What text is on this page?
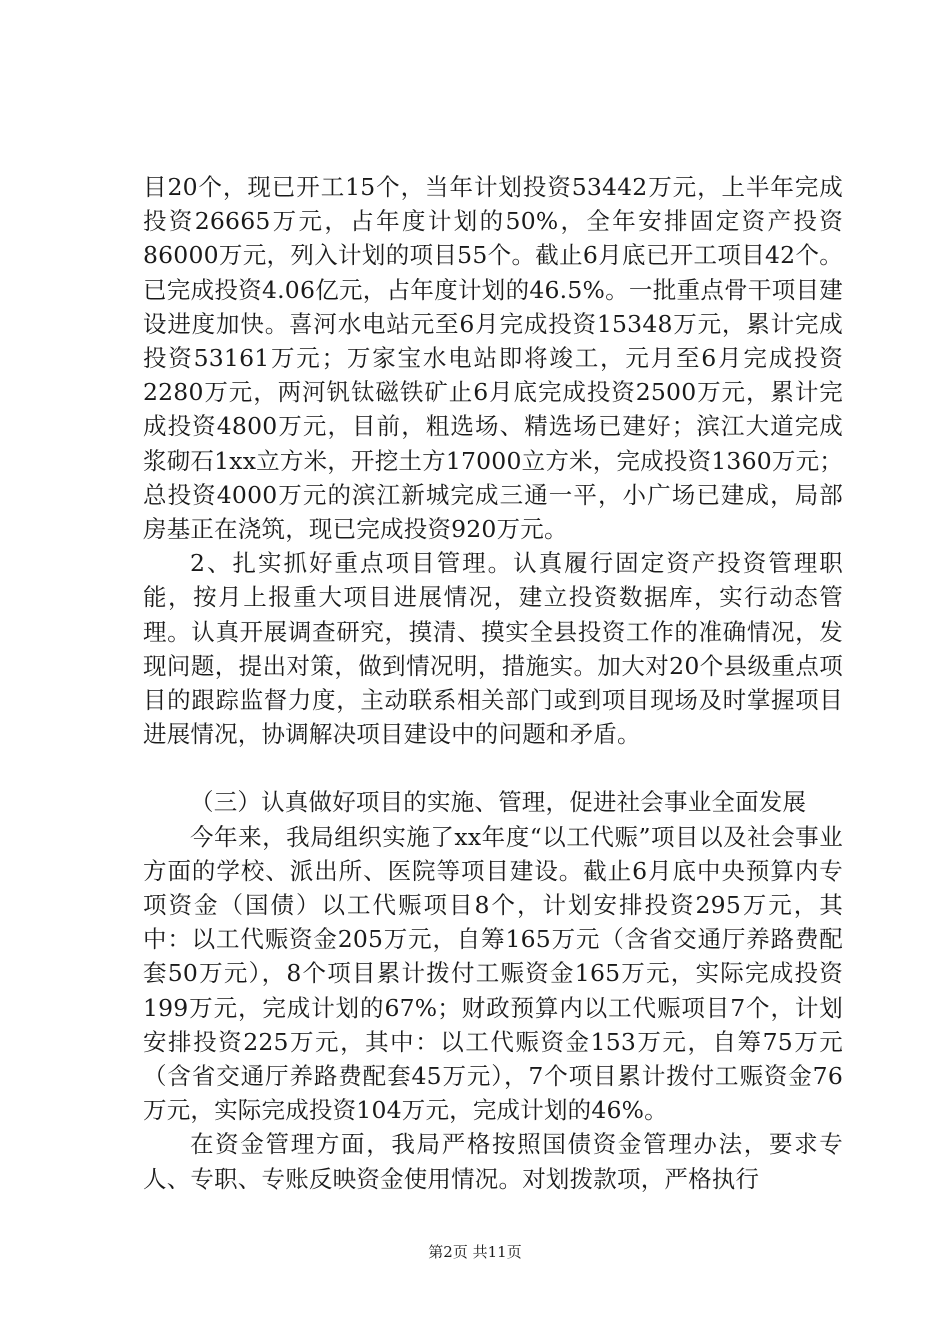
目20个，现已开工15个，当年计划投资53442万元，上半年完成投资26665万元，占年度计划的50%，全年安排固定资产投资86000万元，列入计划的项目55个。截止6月底已开工项目42个。已完成投资4.06亿元，占年度计划的46.5%。一批重点骨干项目建设进度加快。喜河水电站元至6月完成投资15348万元，累计完成投资53161万元；万家宝水电站即将竣工，元月至6月完成投资2280万元，两河钒钛磁铁矿止6月底完成投资2500万元，累计完成投资4800万元，目前，粗选场、精选场已建好；滨江大道完成浆砌石1xx立方米，开挖土方17000立方米，完成投资1360万元；总投资4000万元的滨江新城完成三通一平，小广场已建成，局部房基正在浇筑，现已完成投资920万元。

2、扎实抓好重点项目管理。认真履行固定资产投资管理职能，按月上报重大项目进展情况，建立投资数据库，实行动态管理。认真开展调查研究，摸清、摸实全县投资工作的准确情况，发现问题，提出对策，做到情况明，措施实。加大对20个县级重点项目的跟踪监督力度，主动联系相关部门或到项目现场及时掌握项目进展情况，协调解决项目建设中的问题和矛盾。

（三）认真做好项目的实施、管理，促进社会事业全面发展

今年来，我局组织实施了xx年度“以工代赈”项目以及社会事业方面的学校、派出所、医院等项目建设。截止6月底中央预算内专项资金（国债）以工代赈项目8个，计划安排投资295万元，其中：以工代赈资金205万元，自筹165万元（含省交通厅养路费配套50万元），8个项目累计拨付工赈资金165万元，实际完成投资199万元，完成计划的67%；财政预算内以工代赈项目7个，计划安排投资225万元，其中：以工代赈资金153万元，自筹75万元（含省交通厅养路费配套45万元），7个项目累计拨付工赈资金76万元，实际完成投资104万元，完成计划的46%。

在资金管理方面，我局严格按照国债资金管理办法，要求专人、专职、专账反映资金使用情况。对划拨款项，严格执行

第2页 共11页
